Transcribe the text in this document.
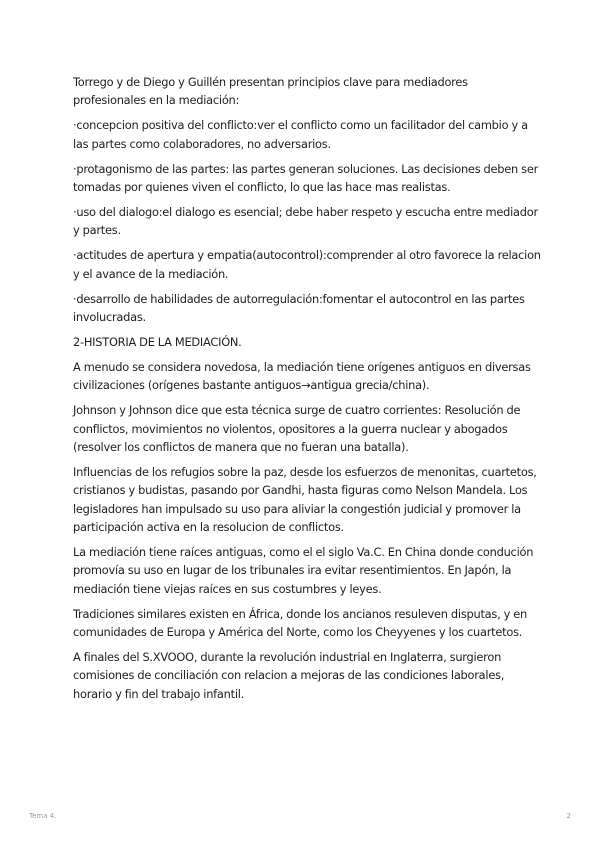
Torrego y de Diego y Guillén presentan principios clave para mediadores profesionales en la mediación:

·concepcion positiva del conflicto:ver el conflicto como un facilitador del cambio y a las partes como colaboradores, no adversarios.

·protagonismo de las partes: las partes generan soluciones. Las decisiones deben ser tomadas por quienes viven el conflicto, lo que las hace mas realistas.

·uso del dialogo:el dialogo es esencial; debe haber respeto y escucha entre mediador y partes.

·actitudes de apertura y empatia(autocontrol):comprender al otro favorece la relacion y el avance de la mediación.

·desarrollo de habilidades de autorregulación:fomentar el autocontrol en las partes involucradas.

2-HISTORIA DE LA MEDIACIÓN.

A menudo se considera novedosa, la mediación tiene orígenes antiguos en diversas civilizaciones (orígenes bastante antiguos→antigua grecia/china).

Johnson y Johnson dice que esta técnica surge de cuatro corrientes: Resolución de conflictos, movimientos no violentos, opositores a la guerra nuclear y abogados (resolver los conflictos de manera que no fueran una batalla).

Influencias de los refugios sobre la paz, desde los esfuerzos de menonitas, cuartetos, cristianos y budistas, pasando por Gandhi, hasta figuras como Nelson Mandela. Los legisladores han impulsado su uso para aliviar la congestión judicial y promover la participación activa en la resolucion de conflictos.

La mediación tiene raíces antiguas, como el el siglo Va.C. En China donde condución promovía su uso en lugar de los tribunales ira evitar resentimientos. En Japón, la mediación tiene viejas raíces en sus costumbres y leyes.

Tradiciones similares existen en África, donde los ancianos resuleven disputas, y en comunidades de Europa y América del Norte, como los Cheyyenes y los cuartetos.

A finales del S.XVOOO, durante la revolución industrial en Inglaterra, surgieron comisiones de conciliación con relacion a mejoras de las condiciones laborales, horario y fin del trabajo infantil.

Tema 4.	2
